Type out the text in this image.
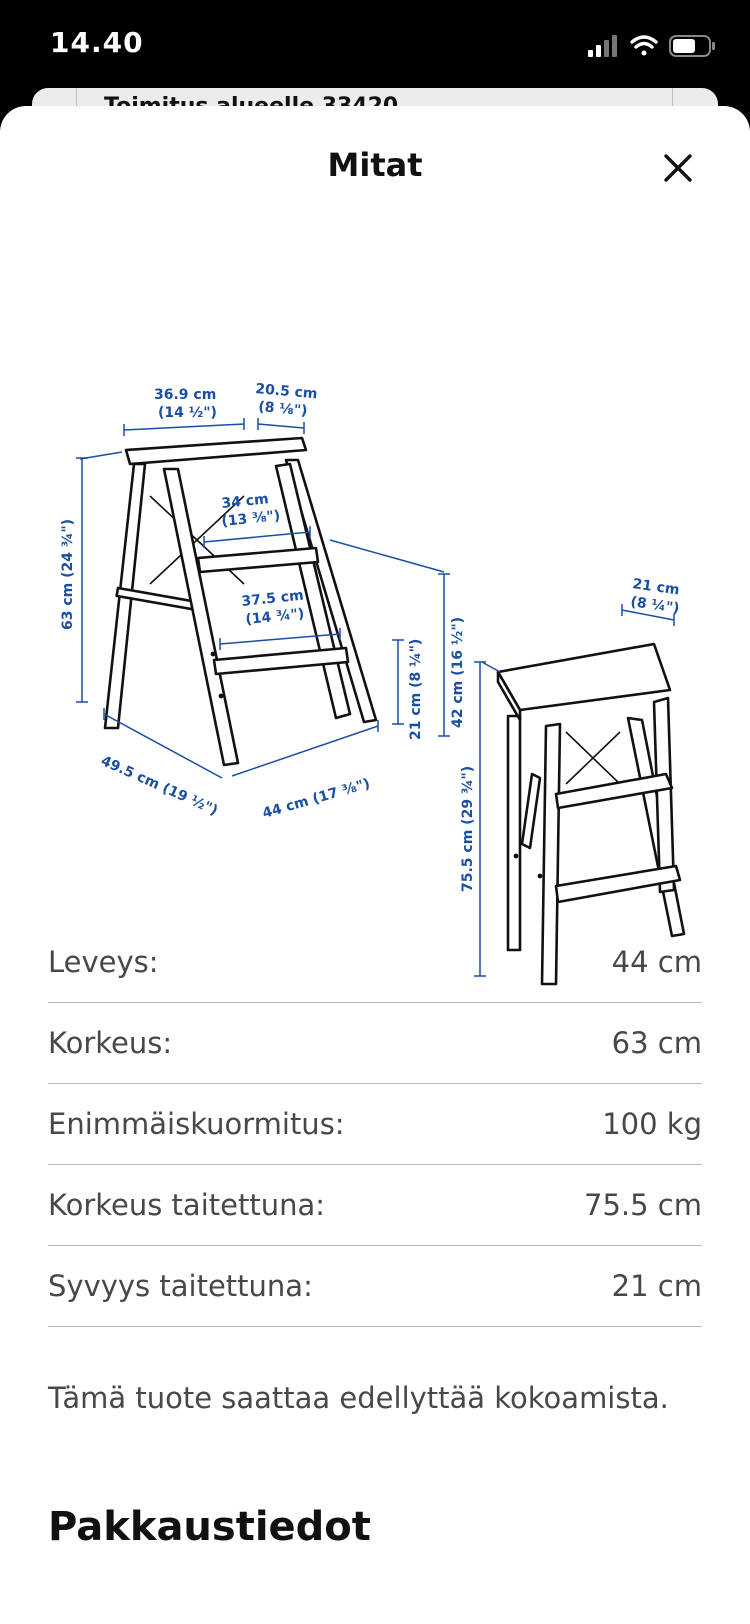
14.40
Mitat
36.9 cm
(14 ½")
20.5 cm
(8 ⅛")
34 cm
(13 ⅜")
37.5 cm
(14 ¾")
63 cm (24 ¾")
21 cm (8 ¼")
42 cm (16 ½")
49.5 cm (19 ½")	44 cm (17 ⅜")
21 cm
(8 ¼")
75.5 cm (29 ¾")
Leveys:	44 cm
Korkeus:	63 cm
Enimmäiskuormitus:	100 kg
Korkeus taitettuna:	75.5 cm
Syvyys taitettuna:	21 cm
Tämä tuote saattaa edellyttää kokoamista.
Pakkaustiedot
